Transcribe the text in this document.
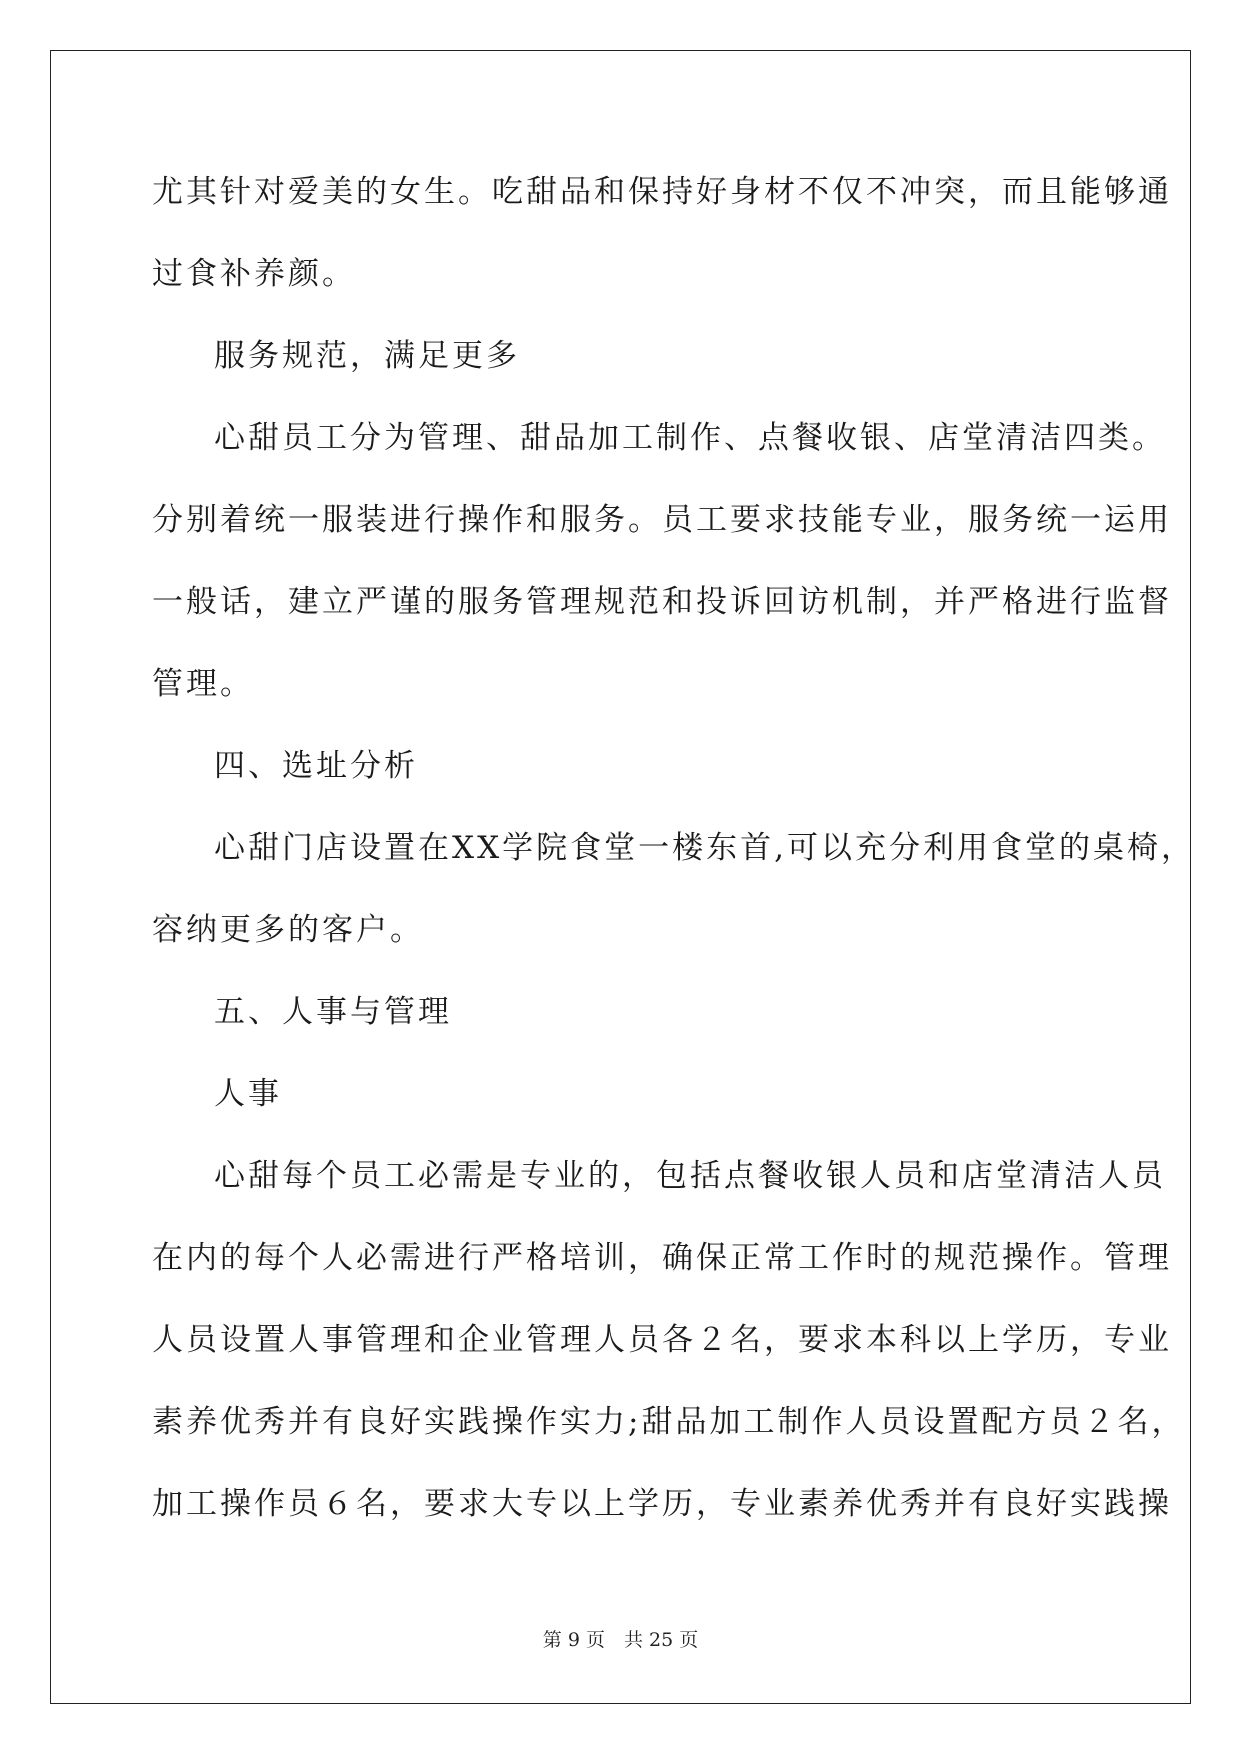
尤其针对爱美的女生。吃甜品和保持好身材不仅不冲突，而且能够通
过食补养颜。
服务规范，满足更多
心甜员工分为管理、甜品加工制作、点餐收银、店堂清洁四类。
分别着统一服装进行操作和服务。员工要求技能专业，服务统一运用
一般话，建立严谨的服务管理规范和投诉回访机制，并严格进行监督
管理。
四、选址分析
心甜门店设置在XX学院食堂一楼东首,可以充分利用食堂的桌椅，
容纳更多的客户。
五、人事与管理
人事
心甜每个员工必需是专业的，包括点餐收银人员和店堂清洁人员
在内的每个人必需进行严格培训，确保正常工作时的规范操作。管理
人员设置人事管理和企业管理人员各２名，要求本科以上学历，专业
素养优秀并有良好实践操作实力;甜品加工制作人员设置配方员２名，
加工操作员６名，要求大专以上学历，专业素养优秀并有良好实践操
第 9 页　共 25 页
